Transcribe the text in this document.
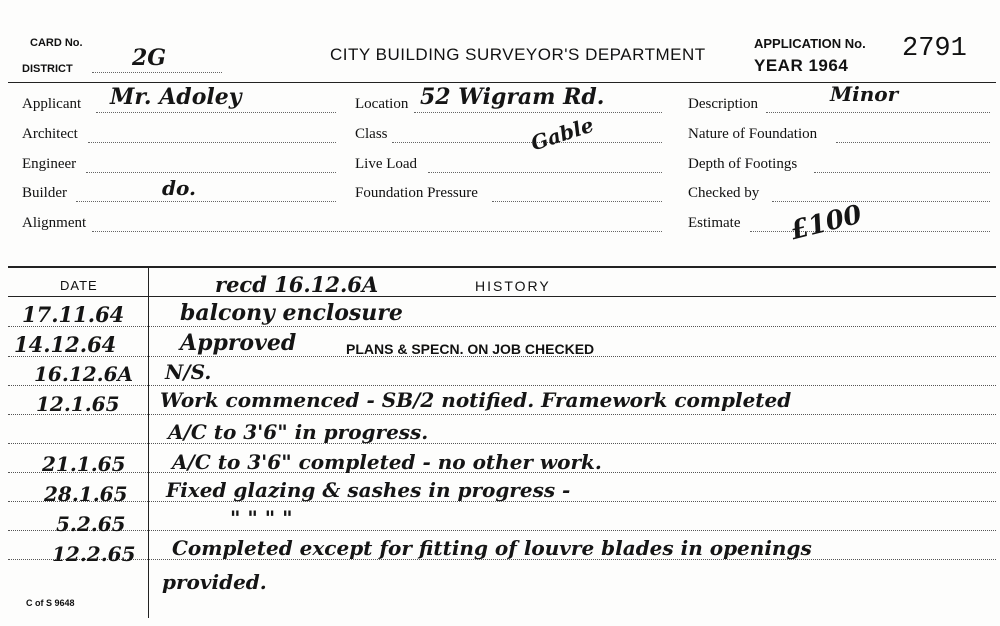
CARD No.
DISTRICT	2G	CITY BUILDING SURVEYOR'S DEPARTMENT
APPLICATION No. 2791
YEAR 1964
Applicant Mr. Adoley
Architect
Engineer
Builder	do.
Alignment
Location 52 Wigram Rd.
Class	Gable
Live Load
Foundation Pressure
Description	Minor
Nature of Foundation
Depth of Footings
Checked by
Estimate £100
DATE	HISTORY
recd 16.12.6A
17.11.64	balcony enclosure
14.12.64	Approved	PLANS & SPECN. ON JOB CHECKED
16.12.6A N/S.
12.1.65 Work commenced - SB/2 notified. Framework completed
A/C to 3'6" in progress.
21.1.65 A/C to 3'6" completed - no other work.
28.1.65 Fixed glazing & sashes in progress -
5.2.65	" " " "
12.2.65 Completed except for fitting of louvre blades in openings
provided.
C of S 9648
